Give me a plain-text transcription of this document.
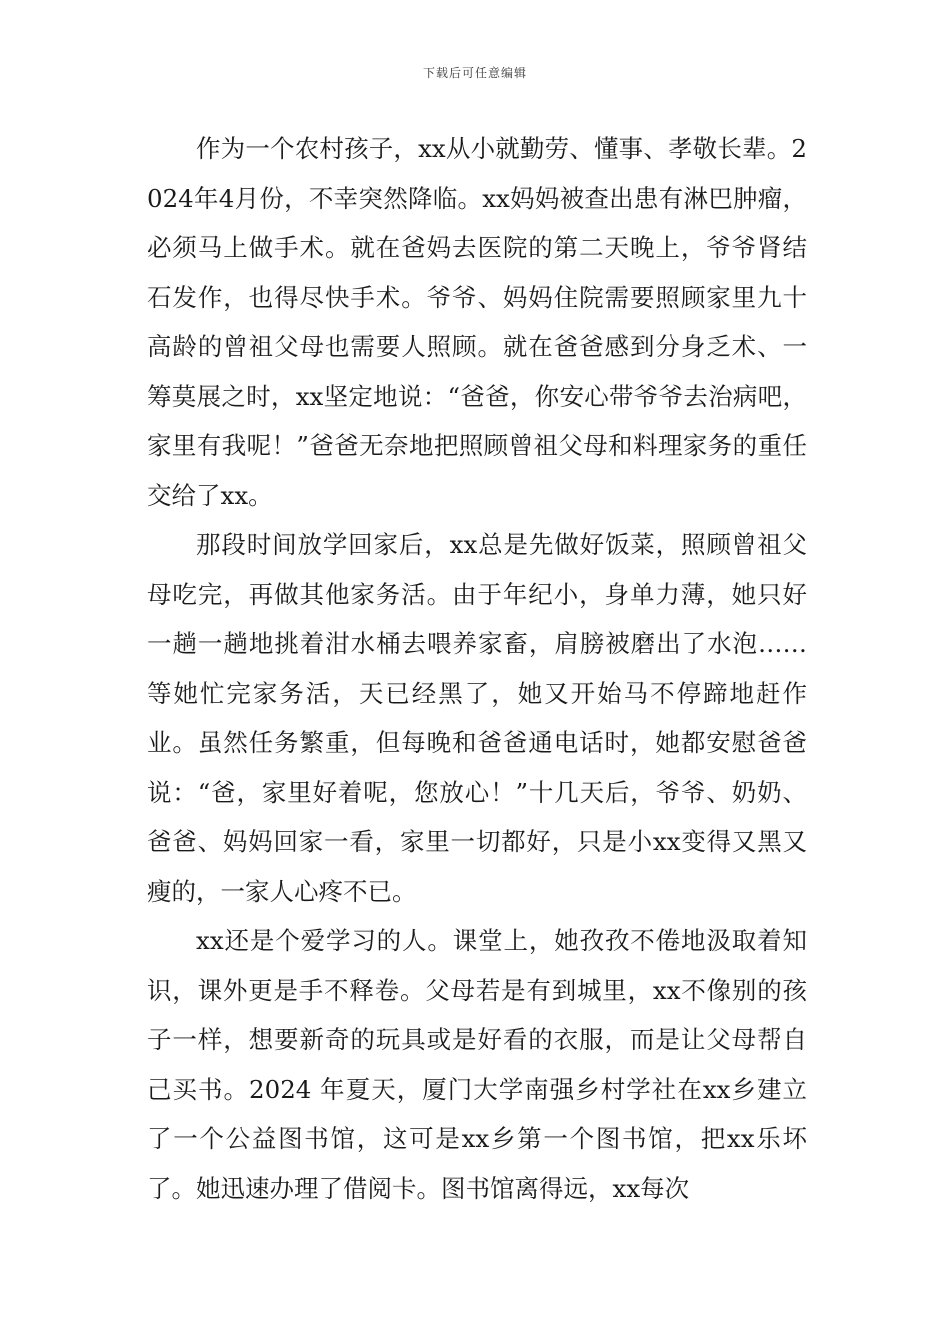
下载后可任意编辑

作为一个农村孩子，xx从小就勤劳、懂事、孝敬长辈。2024年4月份，不幸突然降临。xx妈妈被查出患有淋巴肿瘤，必须马上做手术。就在爸妈去医院的第二天晚上，爷爷肾结石发作，也得尽快手术。爷爷、妈妈住院需要照顾家里九十高龄的曾祖父母也需要人照顾。就在爸爸感到分身乏术、一筹莫展之时，xx坚定地说：“爸爸，你安心带爷爷去治病吧，家里有我呢！”爸爸无奈地把照顾曾祖父母和料理家务的重任交给了xx。

那段时间放学回家后，xx总是先做好饭菜，照顾曾祖父母吃完，再做其他家务活。由于年纪小，身单力薄，她只好一趟一趟地挑着泔水桶去喂养家畜，肩膀被磨出了水泡……等她忙完家务活，天已经黑了，她又开始马不停蹄地赶作业。虽然任务繁重，但每晚和爸爸通电话时，她都安慰爸爸说：“爸，家里好着呢，您放心！”十几天后，爷爷、奶奶、爸爸、妈妈回家一看，家里一切都好，只是小xx变得又黑又瘦的，一家人心疼不已。

xx还是个爱学习的人。课堂上，她孜孜不倦地汲取着知识，课外更是手不释卷。父母若是有到城里，xx不像别的孩子一样，想要新奇的玩具或是好看的衣服，而是让父母帮自己买书。2024 年夏天，厦门大学南强乡村学社在xx乡建立了一个公益图书馆，这可是xx乡第一个图书馆，把xx乐坏了。她迅速办理了借阅卡。图书馆离得远，xx每次
